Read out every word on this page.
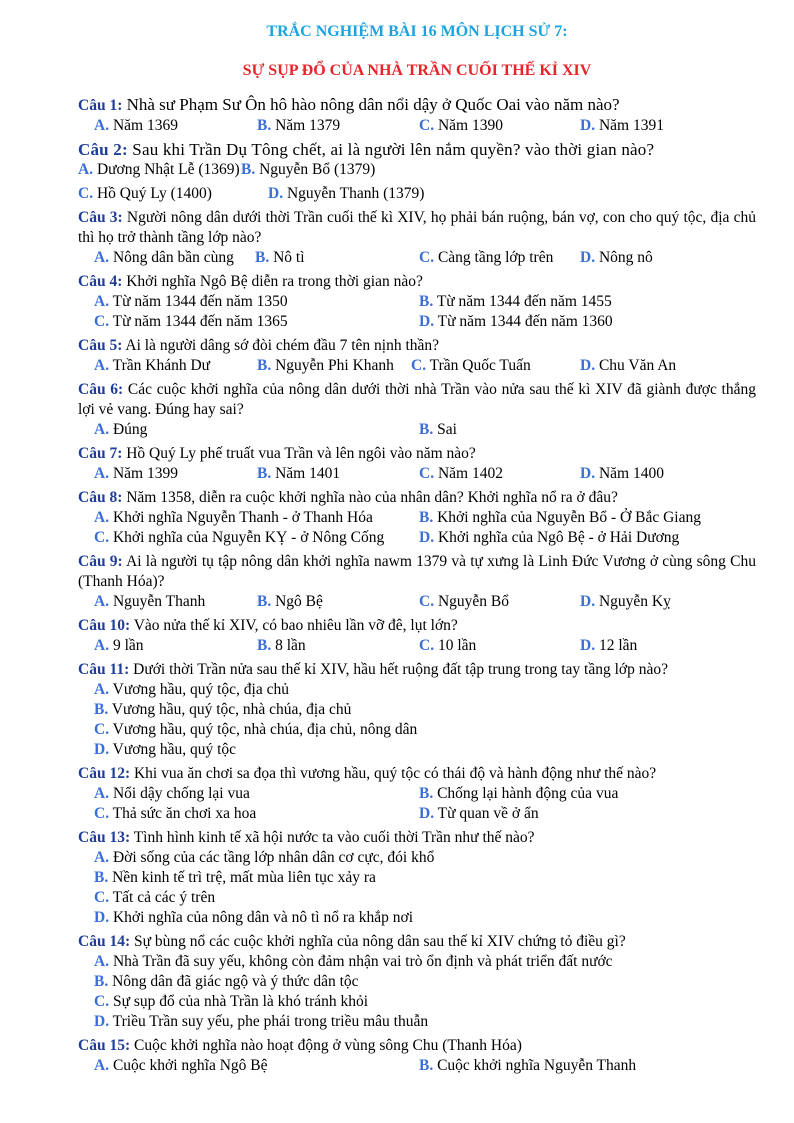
TRẮC NGHIỆM BÀI 16 MÔN LỊCH SỬ 7:

SỰ SỤP ĐỔ CỦA NHÀ TRẦN CUỐI THẾ KỈ XIV

Câu 1: Nhà sư Phạm Sư Ôn hô hào nông dân nổi dậy ở Quốc Oai vào năm nào?

A. Năm 1369	B. Năm 1379	C. Năm 1390	D. Năm 1391

Câu 2: Sau khi Trần Dụ Tông chết, ai là người lên nắm quyền? vào thời gian nào?

A. Dương Nhật Lễ (1369) B. Nguyễn Bổ (1379)
C. Hồ Quý Ly (1400)	D. Nguyễn Thanh (1379)

Câu 3: Người nông dân dưới thời Trần cuối thế kì XIV, họ phải bán ruộng, bán vợ, con cho quý tộc, địa chủ thì họ trở thành tầng lớp nào?

A. Nông dân bần cùng B. Nô tì	C. Càng tầng lớp trên D. Nông nô

Câu 4: Khởi nghĩa Ngô Bệ diễn ra trong thời gian nào?

A. Từ năm 1344 đến năm 1350	B. Từ năm 1344 đến năm 1455
C. Từ năm 1344 đến năm 1365	D. Từ năm 1344 đến năm 1360

Câu 5: Ai là người dâng sớ đòi chém đầu 7 tên nịnh thần?

A. Trần Khánh Dư	B. Nguyễn Phi Khanh C. Trần Quốc Tuấn	D. Chu Văn An

Câu 6: Các cuộc khởi nghĩa của nông dân dưới thời nhà Trần vào nửa sau thế kì XIV đã giành được thắng lợi vẻ vang. Đúng hay sai?

A. Đúng	B. Sai

Câu 7: Hồ Quý Ly phế truất vua Trần và lên ngôi vào năm nào?

A. Năm 1399	B. Năm 1401	C. Năm 1402	D. Năm 1400

Câu 8: Năm 1358, diễn ra cuộc khởi nghĩa nào của nhân dân? Khởi nghĩa nổ ra ở đâu?

A. Khởi nghĩa Nguyễn Thanh - ở Thanh Hóa	B. Khởi nghĩa của Nguyễn Bổ - Ở Bắc Giang
C. Khởi nghĩa của Nguyễn KỴ - ở Nông Cống D. Khởi nghĩa của Ngô Bệ - ở Hải Dương

Câu 9: Ai là người tụ tập nông dân khởi nghĩa nawm 1379 và tự xưng là Linh Đức Vương ở cùng sông Chu (Thanh Hóa)?

A. Nguyễn Thanh	B. Ngô Bệ	C. Nguyễn Bổ	D. Nguyễn Kỵ

Câu 10: Vào nửa thế kỉ XIV, có bao nhiêu lần vỡ đê, lụt lớn?

A. 9 lần	B. 8 lần	C. 10 lần	D. 12 lần

Câu 11: Dưới thời Trần nửa sau thế kỉ XIV, hầu hết ruộng đất tập trung trong tay tầng lớp nào?

A. Vương hầu, quý tộc, địa chủ
B. Vương hầu, quý tộc, nhà chúa, địa chủ
C. Vương hầu, quý tộc, nhà chúa, địa chủ, nông dân
D. Vương hầu, quý tộc

Câu 12: Khi vua ăn chơi sa đọa thì vương hầu, quý tộc có thái độ và hành động như thế nào?

A. Nổi dậy chống lại vua	B. Chống lại hành động của vua
C. Thả sức ăn chơi xa hoa	D. Từ quan về ở ẩn

Câu 13: Tình hình kinh tế xã hội nước ta vào cuối thời Trần như thế nào?

A. Đời sống của các tầng lớp nhân dân cơ cực, đói khổ
B. Nền kinh tế trì trệ, mất mùa liên tục xảy ra
C. Tất cả các ý trên
D. Khởi nghĩa của nông dân và nô tì nổ ra khắp nơi

Câu 14: Sự bùng nổ các cuộc khởi nghĩa của nông dân sau thế kỉ XIV chứng tỏ điều gì?

A. Nhà Trần đã suy yếu, không còn đảm nhận vai trò ổn định và phát triển đất nước
B. Nông dân đã giác ngộ và ý thức dân tộc
C. Sự sụp đổ của nhà Trần là khó tránh khỏi
D. Triều Trần suy yếu, phe phái trong triều mâu thuẫn

Câu 15: Cuộc khởi nghĩa nào hoạt động ở vùng sông Chu (Thanh Hóa)

A. Cuộc khởi nghĩa Ngô Bệ	B. Cuộc khởi nghĩa Nguyễn Thanh
